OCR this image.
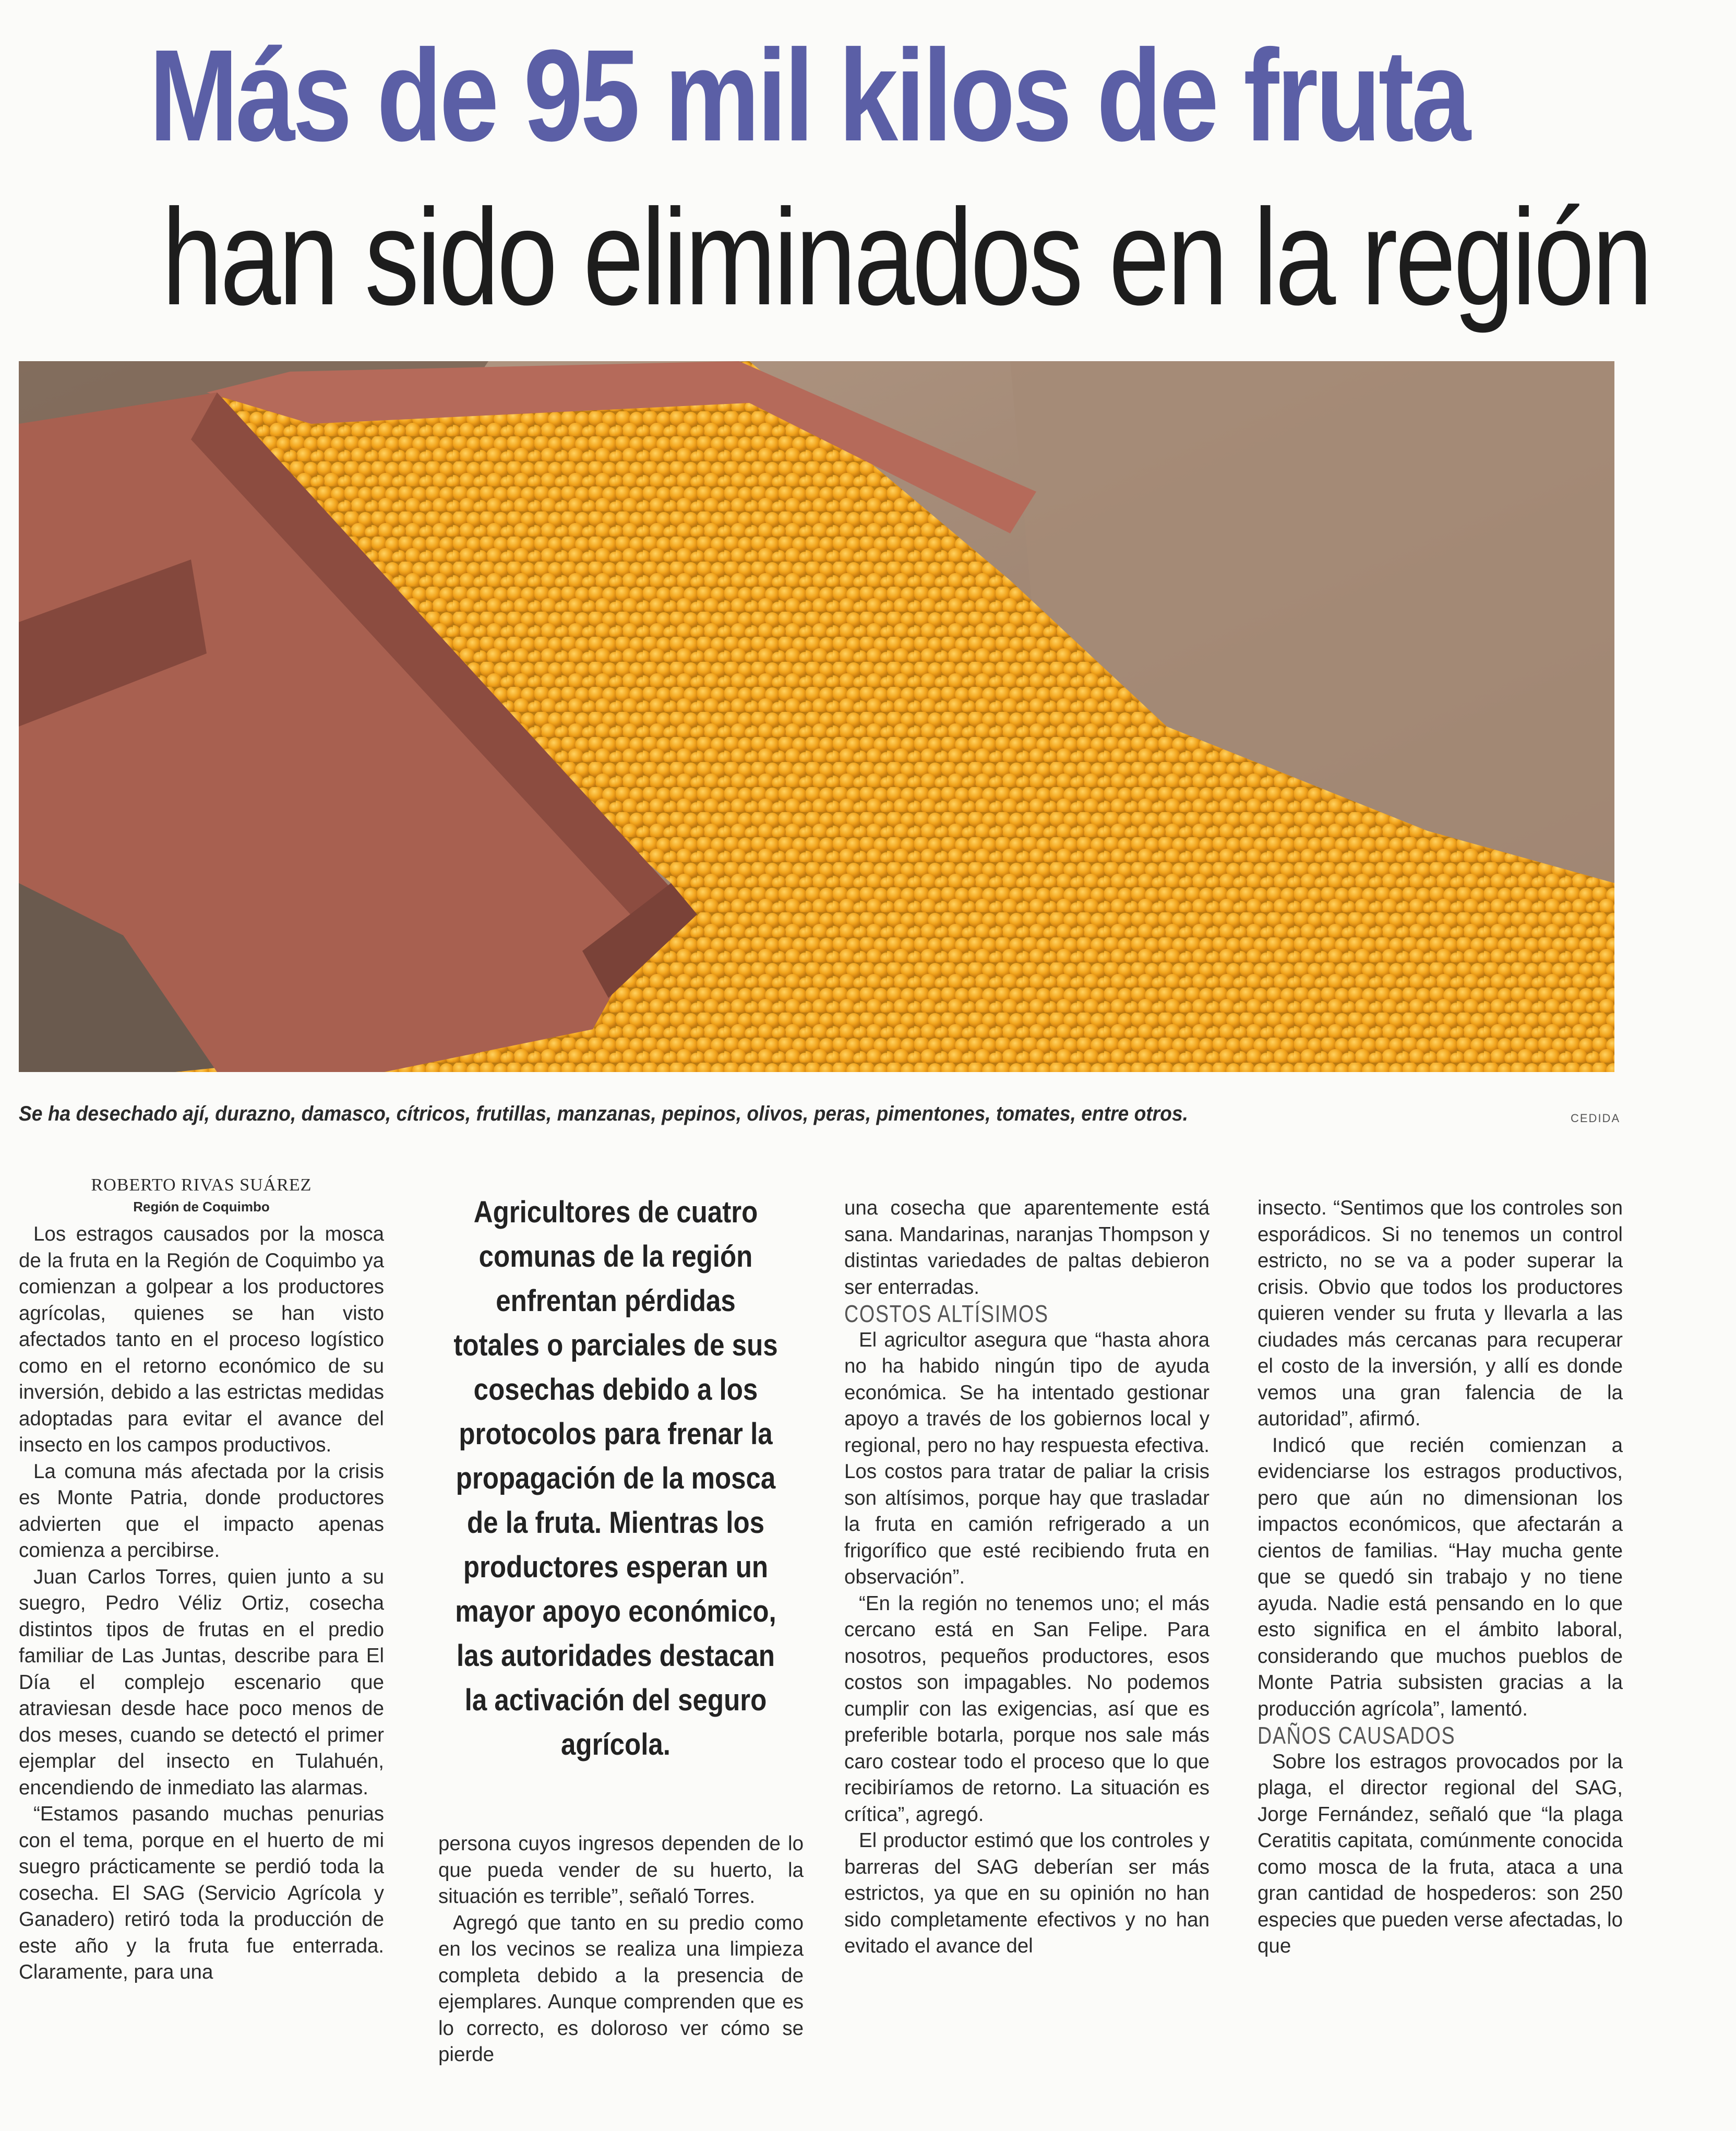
Más de 95 mil kilos de fruta
han sido eliminados en la región
Se ha desechado ají, durazno, damasco, cítricos, frutillas, manzanas, pepinos, olivos, peras, pimentones, tomates, entre otros.	CEDIDA
ROBERTO RIVAS SUÁREZ
Región de Coquimbo

Los estragos causados por la mosca de la fruta en la Región de Coquimbo ya comienzan a golpear a los productores agrícolas, quienes se han visto afectados tanto en el proceso logístico como en el retorno económico de su inversión, debido a las estrictas medidas adoptadas para evitar el avance del insecto en los campos productivos.

La comuna más afectada por la crisis es Monte Patria, donde productores advierten que el impacto apenas comienza a percibirse.

Juan Carlos Torres, quien junto a su suegro, Pedro Véliz Ortiz, cosecha distintos tipos de frutas en el predio familiar de Las Juntas, describe para El Día el complejo escenario que atraviesan desde hace poco menos de dos meses, cuando se detectó el primer ejemplar del insecto en Tulahuén, encendiendo de inmediato las alarmas.

“Estamos pasando muchas penurias con el tema, porque en el huerto de mi suegro prácticamente se perdió toda la cosecha. El SAG (Servicio Agrícola y Ganadero) retiró toda la producción de este año y la fruta fue enterrada. Claramente, para una

Agricultores de cuatro comunas de la región enfrentan pérdidas totales o parciales de sus cosechas debido a los protocolos para frenar la propagación de la mosca de la fruta. Mientras los productores esperan un mayor apoyo económico, las autoridades destacan la activación del seguro agrícola.

persona cuyos ingresos dependen de lo que pueda vender de su huerto, la situación es terrible”, señaló Torres.

Agregó que tanto en su predio como en los vecinos se realiza una limpieza completa debido a la presencia de ejemplares. Aunque comprenden que es lo correcto, es doloroso ver cómo se pierde

una cosecha que aparentemente está sana. Mandarinas, naranjas Thompson y distintas variedades de paltas debieron ser enterradas.

COSTOS ALTÍSIMOS

El agricultor asegura que “hasta ahora no ha habido ningún tipo de ayuda económica. Se ha intentado gestionar apoyo a través de los gobiernos local y regional, pero no hay respuesta efectiva. Los costos para tratar de paliar la crisis son altísimos, porque hay que trasladar la fruta en camión refrigerado a un frigorífico que esté recibiendo fruta en observación”.

“En la región no tenemos uno; el más cercano está en San Felipe. Para nosotros, pequeños productores, esos costos son impagables. No podemos cumplir con las exigencias, así que es preferible botarla, porque nos sale más caro costear todo el proceso que lo que recibiríamos de retorno. La situación es crítica”, agregó.

El productor estimó que los controles y barreras del SAG deberían ser más estrictos, ya que en su opinión no han sido completamente efectivos y no han evitado el avance del

insecto. “Sentimos que los controles son esporádicos. Si no tenemos un control estricto, no se va a poder superar la crisis. Obvio que todos los productores quieren vender su fruta y llevarla a las ciudades más cercanas para recuperar el costo de la inversión, y allí es donde vemos una gran falencia de la autoridad”, afirmó.

Indicó que recién comienzan a evidenciarse los estragos productivos, pero que aún no dimensionan los impactos económicos, que afectarán a cientos de familias. “Hay mucha gente que se quedó sin trabajo y no tiene ayuda. Nadie está pensando en lo que esto significa en el ámbito laboral, considerando que muchos pueblos de Monte Patria subsisten gracias a la producción agrícola”, lamentó.

DAÑOS CAUSADOS

Sobre los estragos provocados por la plaga, el director regional del SAG, Jorge Fernández, señaló que “la plaga Ceratitis capitata, comúnmente conocida como mosca de la fruta, ataca a una gran cantidad de hospederos: son 250 especies que pueden verse afectadas, lo que
